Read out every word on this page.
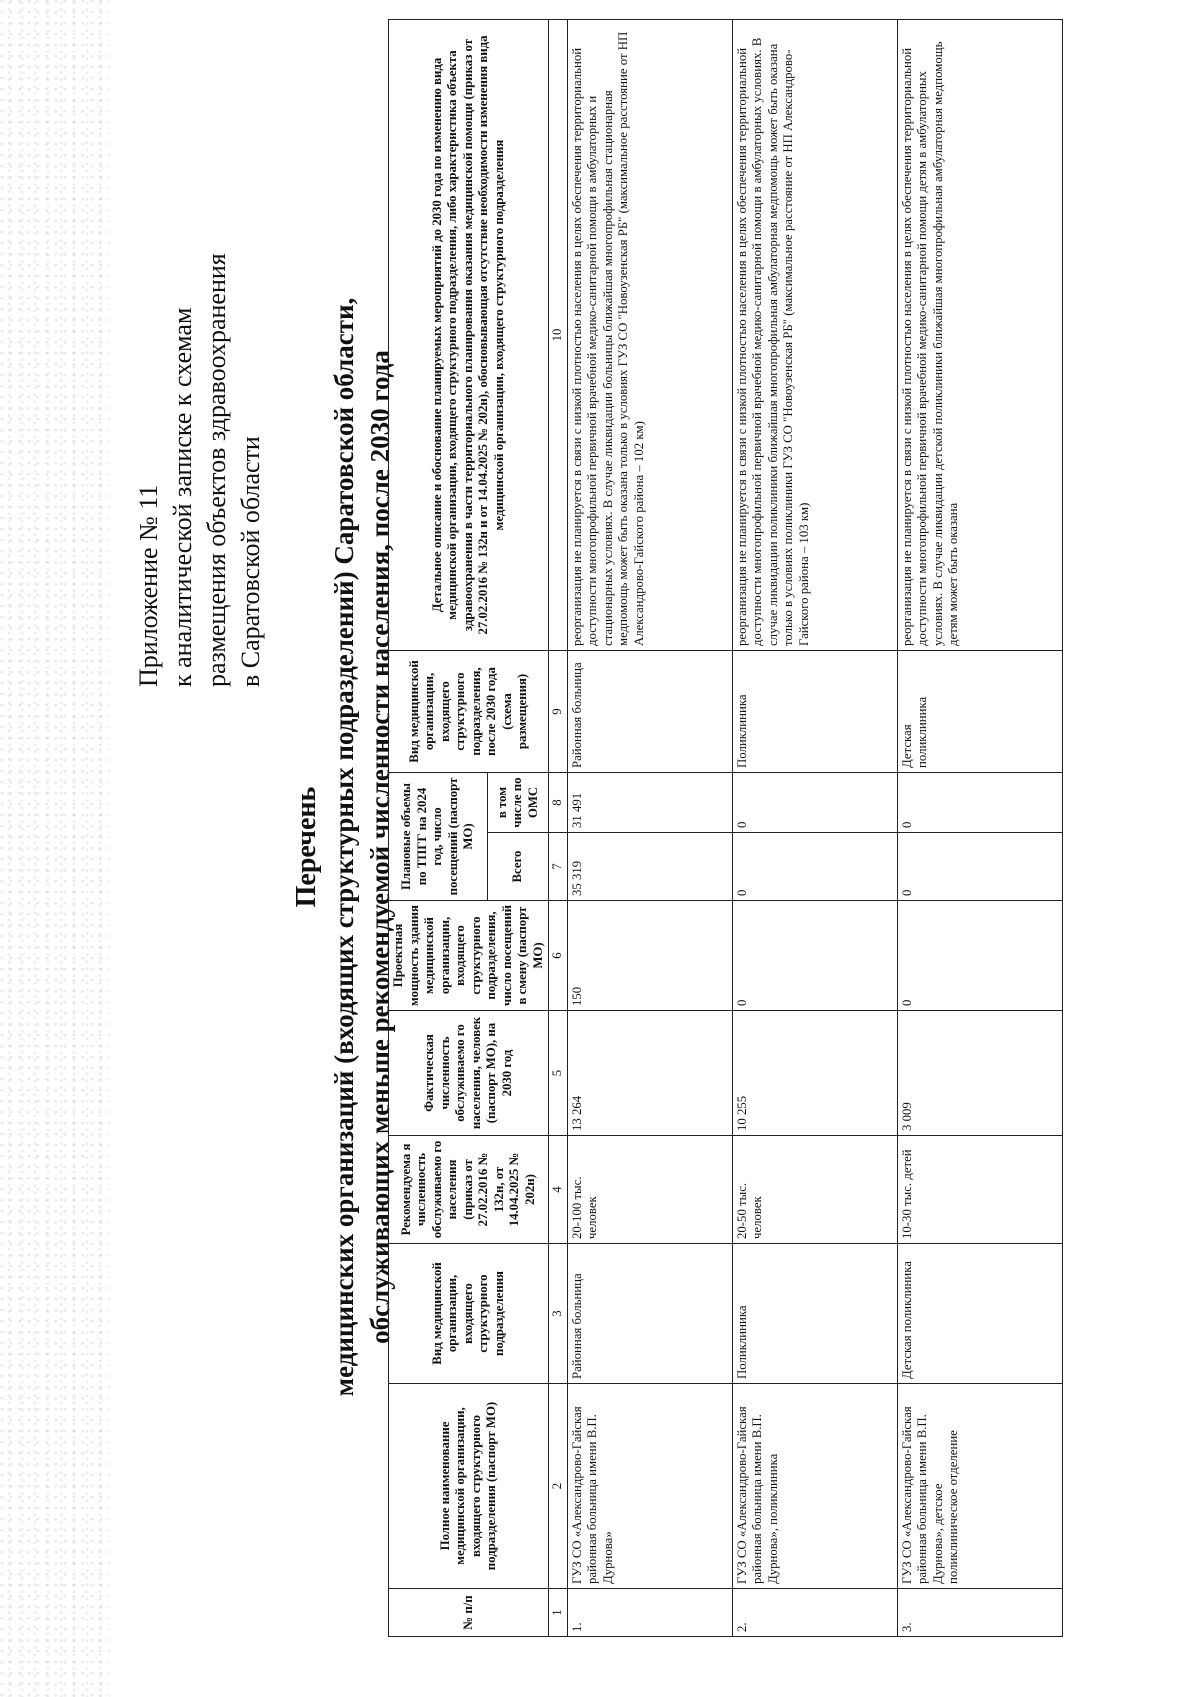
Приложение № 11 к аналитической записке к схемам размещения объектов здравоохранения в Саратовской области
Перечень медицинских организаций (входящих структурных подразделений) Саратовской области, обслуживающих меньше рекомендуемой численности населения, после 2030 года
№ п/п	Полное наименование медицинской организации, входящего структурного подразделения (паспорт МО)	Вид медицинской организации, входящего структурного подразделения	Рекомендуема я численность обслуживаемо го населения (приказ от 27.02.2016 № 132н, от 14.04.2025 № 202н)	Фактическая численность обслуживаемо го населения, человек (паспорт МО), на 2030 год	Проектная мощность здания медицинской организации, входящего структурного подразделения, число посещений в смену (паспорт МО)	Плановые объемы по ТПГГ на 2024 год, число посещений (паспорт МО)		Вид медицинской организации, входящего структурного подразделения, после 2030 года (схема размещения)	Детальное описание и обоснование планируемых мероприятий до 2030 года по изменению вида медицинской организации, входящего структурного подразделения, либо характеристика объекта здравоохранения в части территориального планирования оказания медицинской помощи (приказ от 27.02.2016 № 132н и от 14.04.2025 № 202н), обосновывающая отсутствие необходимости изменения вида медицинской организации, входящего структурного подразделения
						Всего	в том числе по ОМС		
1	2	3	4	5	6	7	8	9	10
1.	ГУЗ СО «Александрово-Гайская районная больница имени В.П. Дурнова»	Районная больница	20-100 тыс. человек	13 264	150	35 319	31 491	Районная больница	реорганизация не планируется в связи с низкой плотностью населения в целях обеспечения территориальной доступности многопрофильной первичной врачебной медико-санитарной помощи в амбулаторных и стационарных условиях. В случае ликвидации больницы ближайшая многопрофильная стационарная медпомощь может быть оказана только в условиях ГУЗ СО "Новоузенская РБ" (максимальное расстояние от НП Александрово-Гайского района – 102 км)
2.	ГУЗ СО «Александрово-Гайская районная больница имени В.П. Дурнова», поликлиника	Поликлиника	20-50 тыс. человек	10 255	0	0	0	Поликлиника	реорганизация не планируется в связи с низкой плотностью населения в целях обеспечения территориальной доступности многопрофильной первичной врачебной медико-санитарной помощи в амбулаторных условиях. В случае ликвидации поликлиники ближайшая многопрофильная амбулаторная медпомощь может быть оказана только в условиях поликлиники ГУЗ СО "Новоузенская РБ" (максимальное расстояние от НП Александрово-Гайского района – 103 км)
3.	ГУЗ СО «Александрово-Гайская районная больница имени В.П. Дурнова», детское поликлиническое отделение	Детская поликлиника	10-30 тыс. детей	3 009	0	0	0	Детская поликлиника	реорганизация не планируется в связи с низкой плотностью населения в целях обеспечения территориальной доступности многопрофильной первичной врачебной медико-санитарной помощи детям в амбулаторных условиях. В случае ликвидации детской поликлиники ближайшая многопрофильная амбулаторная медпомощь детям может быть оказана
